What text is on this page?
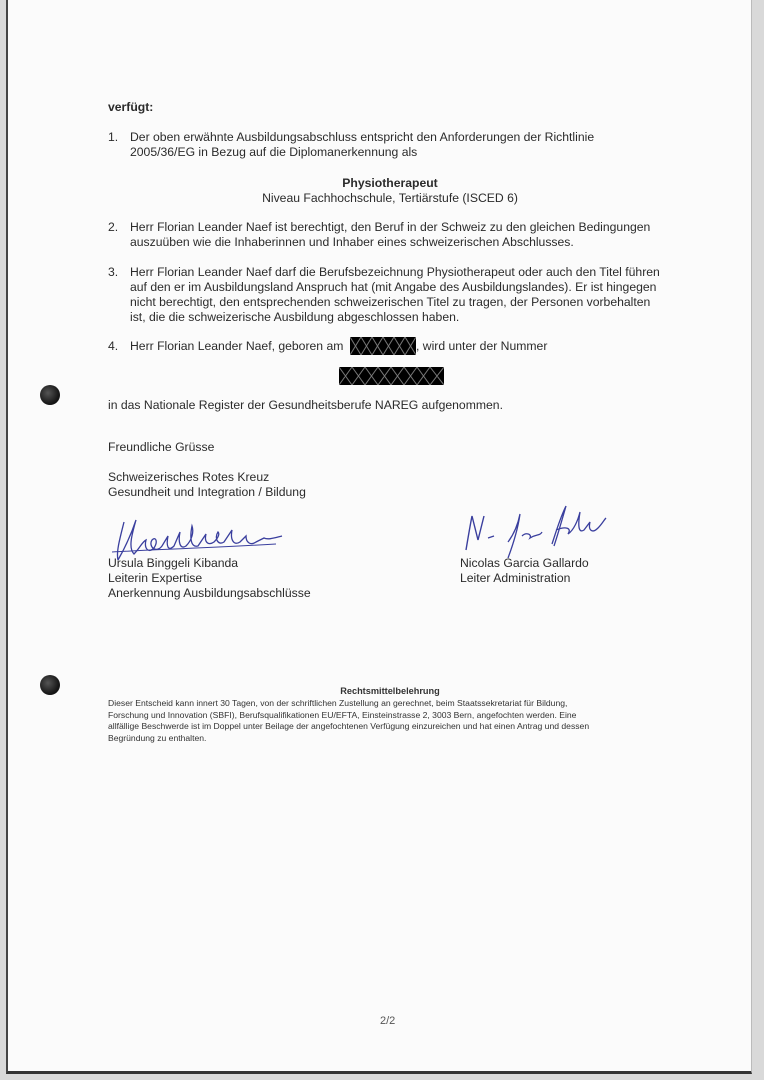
verfügt:
1. Der oben erwähnte Ausbildungsabschluss entspricht den Anforderungen der Richtlinie
2005/36/EG in Bezug auf die Diplomanerkennung als
Physiotherapeut
Niveau Fachhochschule, Tertiärstufe (ISCED 6)
2. Herr Florian Leander Naef ist berechtigt, den Beruf in der Schweiz zu den gleichen Bedingungen
auszuüben wie die Inhaberinnen und Inhaber eines schweizerischen Abschlusses.
3. Herr Florian Leander Naef darf die Berufsbezeichnung Physiotherapeut oder auch den Titel führen
auf den er im Ausbildungsland Anspruch hat (mit Angabe des Ausbildungslandes). Er ist hingegen
nicht berechtigt, den entsprechenden schweizerischen Titel zu tragen, der Personen vorbehalten
ist, die die schweizerische Ausbildung abgeschlossen haben.
4. Herr Florian Leander Naef, geboren am	, wird unter der Nummer
in das Nationale Register der Gesundheitsberufe NAREG aufgenommen.
Freundliche Grüsse
Schweizerisches Rotes Kreuz
Gesundheit und Integration / Bildung
Ursula Binggeli Kibanda
Leiterin Expertise
Anerkennung Ausbildungsabschlüsse
Nicolas Garcia Gallardo
Leiter Administration
Rechtsmittelbelehrung
Dieser Entscheid kann innert 30 Tagen, von der schriftlichen Zustellung an gerechnet, beim Staatssekretariat für Bildung,
Forschung und Innovation (SBFI), Berufsqualifikationen EU/EFTA, Einsteinstrasse 2, 3003 Bern, angefochten werden. Eine
allfällige Beschwerde ist im Doppel unter Beilage der angefochtenen Verfügung einzureichen und hat einen Antrag und dessen
Begründung zu enthalten.
2/2
